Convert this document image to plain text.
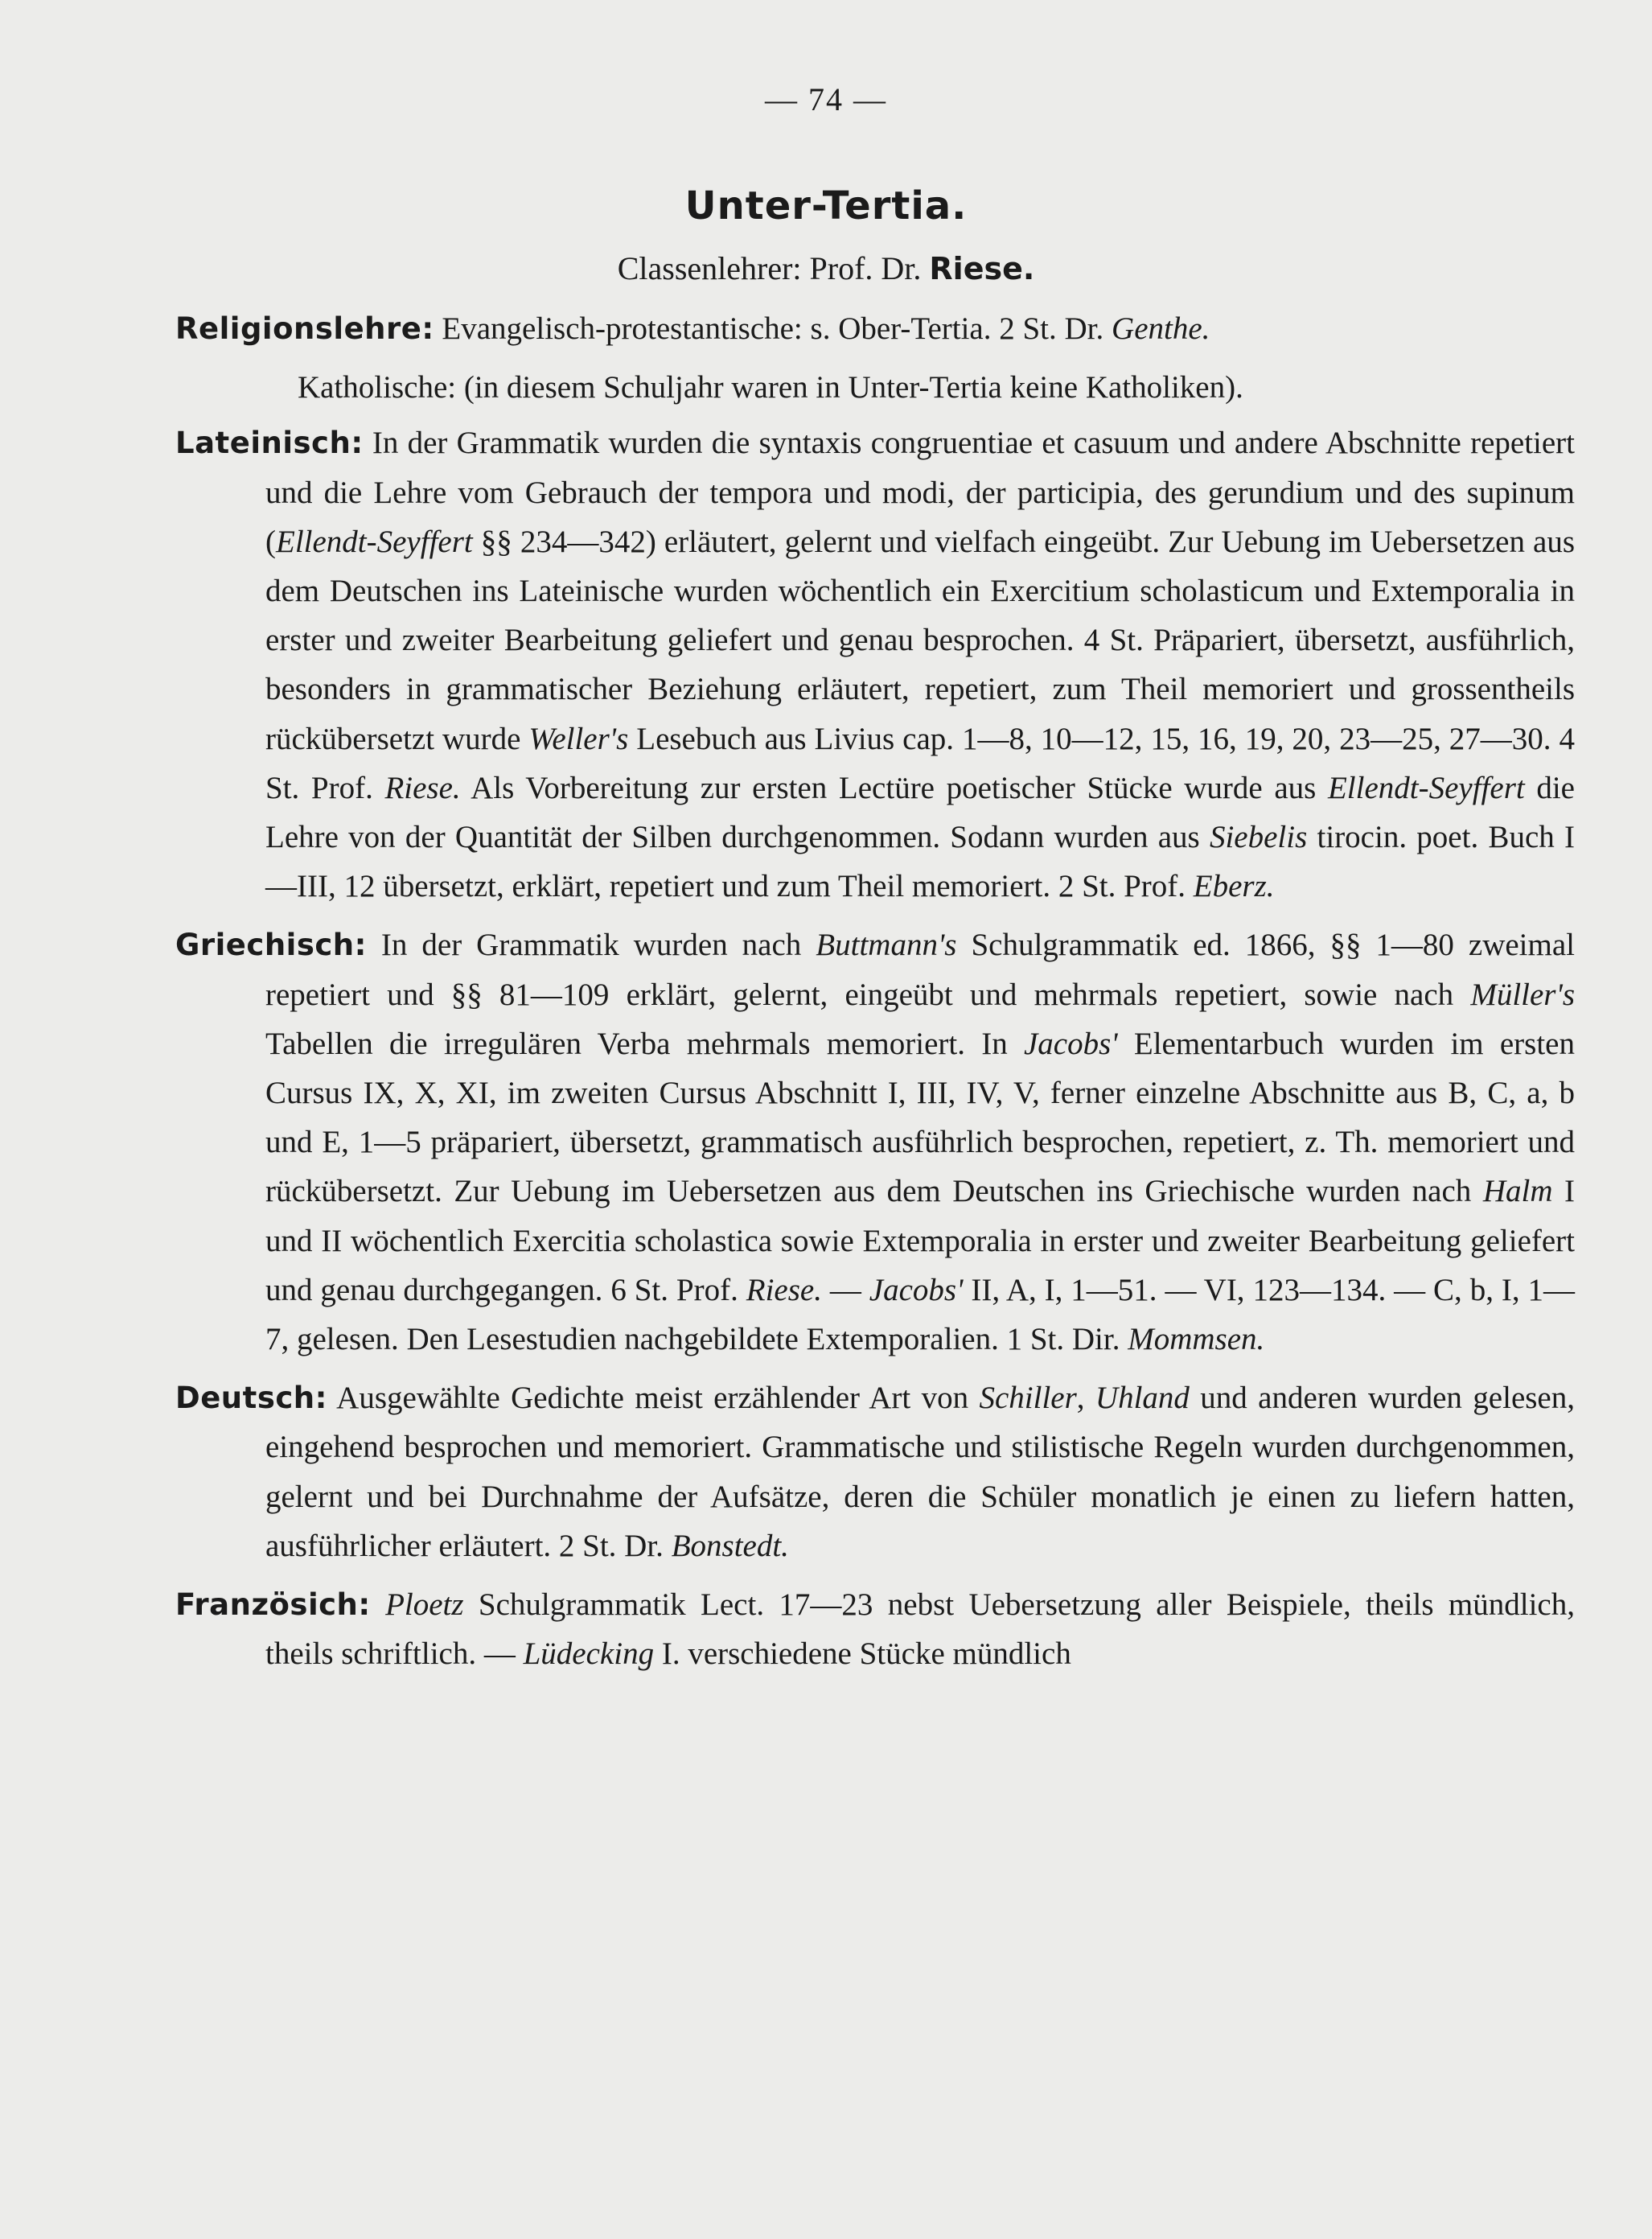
— 74 —
Unter-Tertia.
Classenlehrer: Prof. Dr. Riese.

Religionslehre: Evangelisch-protestantische: s. Ober-Tertia. 2 St. Dr. Genthe.

Katholische: (in diesem Schuljahr waren in Unter-Tertia keine Katholiken).

Lateinisch: In der Grammatik wurden die syntaxis congruentiae et casuum und andere Abschnitte repetiert und die Lehre vom Gebrauch der tempora und modi, der participia, des gerundium und des supinum (Ellendt-Seyffert §§ 234—342) erläutert, gelernt und vielfach eingeübt. Zur Uebung im Uebersetzen aus dem Deutschen ins Lateinische wurden wöchentlich ein Exercitium scholasticum und Extemporalia in erster und zweiter Bearbeitung geliefert und genau besprochen. 4 St. Präpariert, übersetzt, ausführlich, besonders in grammatischer Beziehung erläutert, repetiert, zum Theil memoriert und grossentheils rückübersetzt wurde Weller's Lesebuch aus Livius cap. 1—8, 10—12, 15, 16, 19, 20, 23—25, 27—30. 4 St. Prof. Riese. Als Vorbereitung zur ersten Lectüre poetischer Stücke wurde aus Ellendt-Seyffert die Lehre von der Quantität der Silben durchgenommen. Sodann wurden aus Siebelis tirocin. poet. Buch I—III, 12 übersetzt, erklärt, repetiert und zum Theil memoriert. 2 St. Prof. Eberz.

Griechisch: In der Grammatik wurden nach Buttmann's Schulgrammatik ed. 1866, §§ 1—80 zweimal repetiert und §§ 81—109 erklärt, gelernt, eingeübt und mehrmals repetiert, sowie nach Müller's Tabellen die irregulären Verba mehrmals memoriert. In Jacobs' Elementarbuch wurden im ersten Cursus IX, X, XI, im zweiten Cursus Abschnitt I, III, IV, V, ferner einzelne Abschnitte aus B, C, a, b und E, 1—5 präpariert, übersetzt, grammatisch ausführlich besprochen, repetiert, z. Th. memoriert und rückübersetzt. Zur Uebung im Uebersetzen aus dem Deutschen ins Griechische wurden nach Halm I und II wöchentlich Exercitia scholastica sowie Extemporalia in erster und zweiter Bearbeitung geliefert und genau durchgegangen. 6 St. Prof. Riese. — Jacobs' II, A, I, 1—51. — VI, 123—134. — C, b, I, 1—7, gelesen. Den Lesestudien nachgebildete Extemporalien. 1 St. Dir. Mommsen.

Deutsch: Ausgewählte Gedichte meist erzählender Art von Schiller, Uhland und anderen wurden gelesen, eingehend besprochen und memoriert. Grammatische und stilistische Regeln wurden durchgenommen, gelernt und bei Durchnahme der Aufsätze, deren die Schüler monatlich je einen zu liefern hatten, ausführlicher erläutert. 2 St. Dr. Bonstedt.

Französich: Ploetz Schulgrammatik Lect. 17—23 nebst Uebersetzung aller Beispiele, theils mündlich, theils schriftlich. — Lüdecking I. verschiedene Stücke mündlich
